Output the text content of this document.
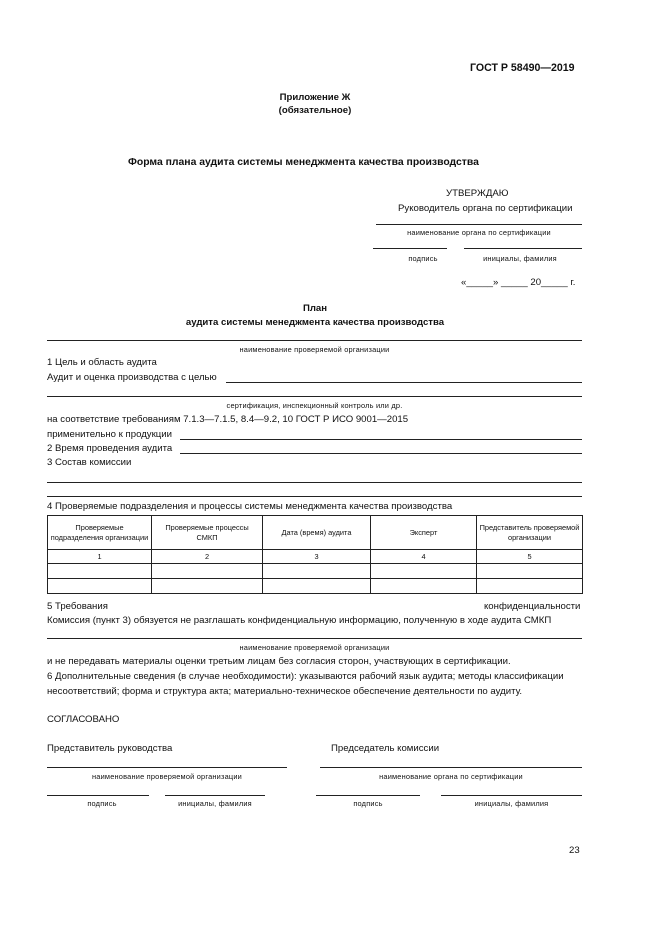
ГОСТ Р 58490—2019
Приложение Ж
(обязательное)
Форма плана аудита системы менеджмента качества производства
УТВЕРЖДАЮ
Руководитель органа по сертификации
наименование органа по сертификации
подпись	инициалы, фамилия
«_____» _____ 20_____ г.
План
аудита системы менеджмента качества производства
наименование проверяемой организации
1 Цель и область аудита
Аудит и оценка производства с целью
сертификация, инспекционный контроль или др.
на соответствие требованиям 7.1.3—7.1.5, 8.4—9.2, 10 ГОСТ Р ИСО 9001—2015
применительно к продукции
2 Время проведения аудита
3 Состав комиссии
4 Проверяемые подразделения и процессы системы менеджмента качества производства
Проверяемые подразделения организации	Проверяемые процессы СМКП	Дата (время) аудита	Эксперт	Представитель проверяемой организации
1	2	3	4	5

5 Требования	конфиденциальности
Комиссия (пункт 3) обязуется не разглашать конфиденциальную информацию, полученную в ходе аудита СМКП
наименование проверяемой организации
и не передавать материалы оценки третьим лицам без согласия сторон, участвующих в сертификации.
6 Дополнительные сведения (в случае необходимости): указываются рабочий язык аудита; методы классификации
несоответствий; форма и структура акта; материально-техническое обеспечение деятельности по аудиту.
СОГЛАСОВАНО
Представитель руководства	Председатель комиссии
наименование проверяемой организации	наименование органа по сертификации
подпись	инициалы, фамилия	подпись	инициалы, фамилия
23
